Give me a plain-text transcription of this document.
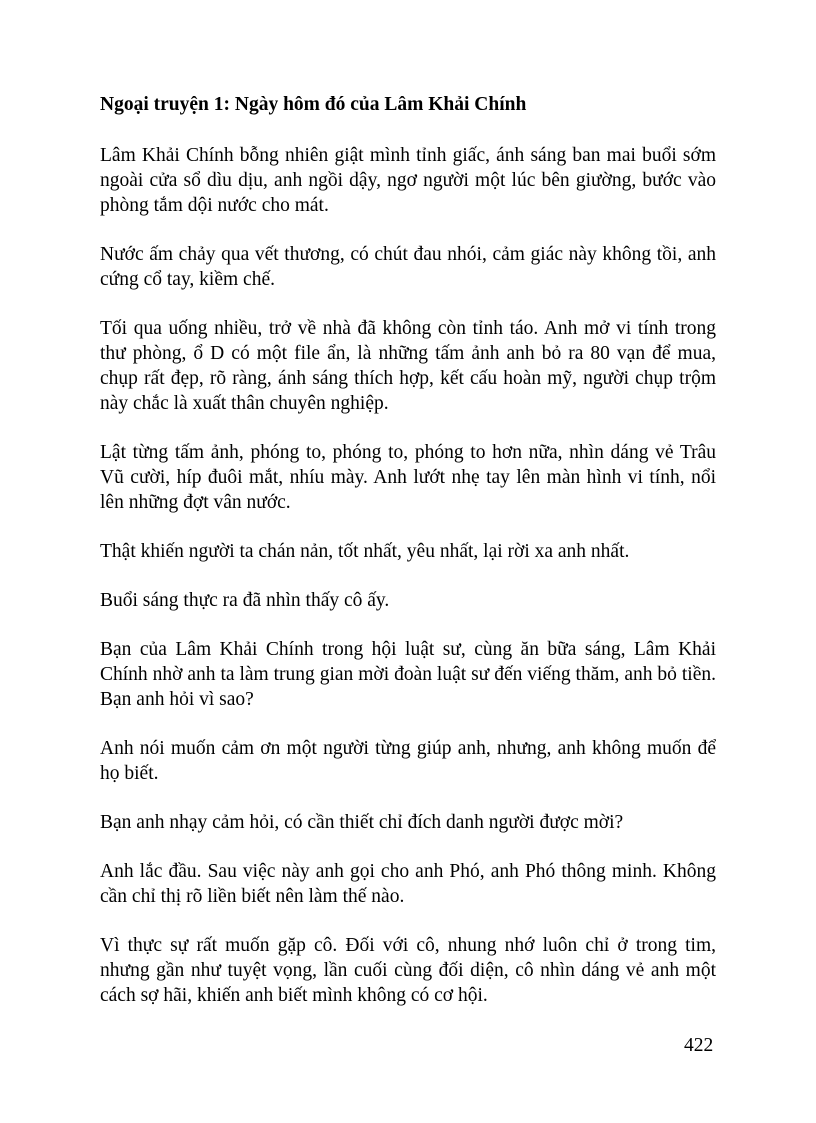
Ngoại truyện 1: Ngày hôm đó của Lâm Khải Chính

Lâm Khải Chính bỗng nhiên giật mình tỉnh giấc, ánh sáng ban mai buổi sớm ngoài cửa sổ dìu dịu, anh ngồi dậy, ngơ người một lúc bên giường, bước vào phòng tắm dội nước cho mát.

Nước ấm chảy qua vết thương, có chút đau nhói, cảm giác này không tồi, anh cứng cổ tay, kiềm chế.

Tối qua uống nhiều, trở về nhà đã không còn tỉnh táo. Anh mở vi tính trong thư phòng, ổ D có một file ẩn, là những tấm ảnh anh bỏ ra 80 vạn để mua, chụp rất đẹp, rõ ràng, ánh sáng thích hợp, kết cấu hoàn mỹ, người chụp trộm này chắc là xuất thân chuyên nghiệp.

Lật từng tấm ảnh, phóng to, phóng to, phóng to hơn nữa, nhìn dáng vẻ Trâu Vũ cười, híp đuôi mắt, nhíu mày. Anh lướt nhẹ tay lên màn hình vi tính, nổi lên những đợt vân nước.

Thật khiến người ta chán nản, tốt nhất, yêu nhất, lại rời xa anh nhất.

Buổi sáng thực ra đã nhìn thấy cô ấy.

Bạn của Lâm Khải Chính trong hội luật sư, cùng ăn bữa sáng, Lâm Khải Chính nhờ anh ta làm trung gian mời đoàn luật sư đến viếng thăm, anh bỏ tiền. Bạn anh hỏi vì sao?

Anh nói muốn cảm ơn một người từng giúp anh, nhưng, anh không muốn để họ biết.

Bạn anh nhạy cảm hỏi, có cần thiết chỉ đích danh người được mời?

Anh lắc đầu. Sau việc này anh gọi cho anh Phó, anh Phó thông minh. Không cần chỉ thị rõ liền biết nên làm thế nào.

Vì thực sự rất muốn gặp cô. Đối với cô, nhung nhớ luôn chỉ ở trong tim, nhưng gần như tuyệt vọng, lần cuối cùng đối diện, cô nhìn dáng vẻ anh một cách sợ hãi, khiến anh biết mình không có cơ hội.

422
